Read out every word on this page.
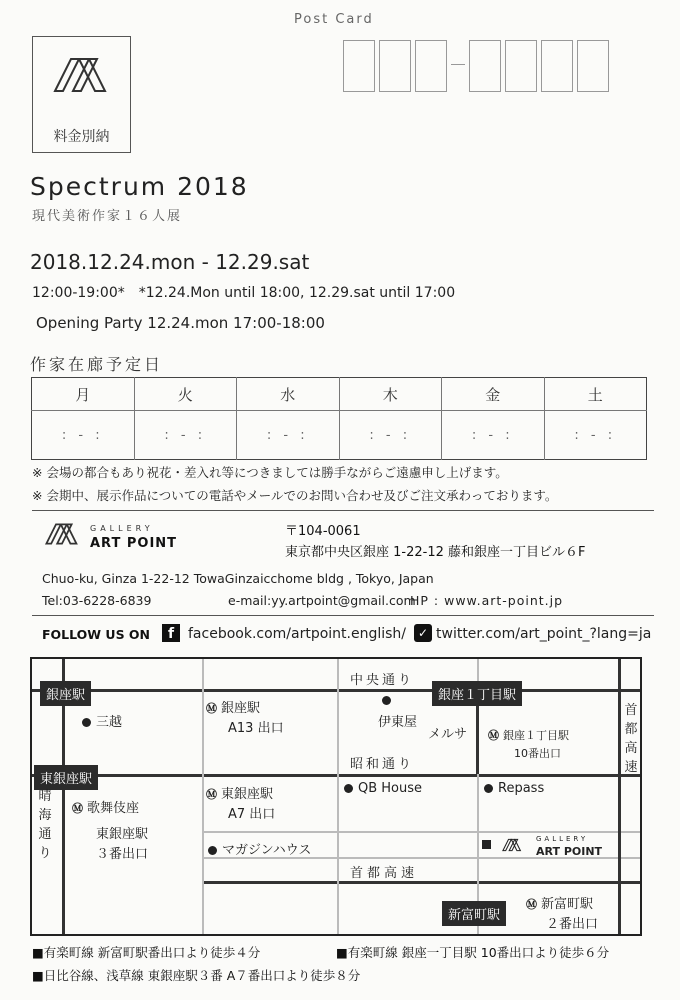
Post Card
料金別納
Spectrum 2018
現代美術作家１６人展
2018.12.24.mon - 12.29.sat
12:00-19:00*　*12.24.Mon until 18:00, 12.29.sat until 17:00
Opening Party 12.24.mon 17:00-18:00
作家在廊予定日
月	火	水	木	金	土
: - :	: - :	: - :	: - :	: - :	: - :
※ 会場の都合もあり祝花・差入れ等につきましては勝手ながらご遠慮申し上げます。
※ 会期中、展示作品についての電話やメールでのお問い合わせ及びご注文承わっております。
GALLERY
ART POINT
〒104-0061
東京都中央区銀座 1-22-12 藤和銀座一丁目ビル６F
Chuo-ku, Ginza 1-22-12 TowaGinzaicchome bldg , Tokyo, Japan
Tel:03-6228-6839	e-mail:yy.artpoint@gmail.com
HP : www.art-point.jp
FOLLOW US ON	f facebook.com/artpoint.english/ ✓ twitter.com/art_point_?lang=ja
銀座駅	銀座１丁目駅
東銀座駅
新富町駅
三越
Ⓜ 銀座駅
A13 出口
中央通り
伊東屋
メルサ Ⓜ 銀座１丁目駅
10番出口
首
都
高
速
昭和通り
晴
海
通
り
Ⓜ 歌舞伎座
Ⓜ 東銀座駅
A7 出口
QB House	Repass
東銀座駅
３番出口	マガジンハウス

GALLERY
ART POINT
首都高速
Ⓜ 新富町駅
２番出口
■有楽町線 新富町駅番出口より徒歩４分	■有楽町線 銀座一丁目駅 10番出口より徒歩６分
■日比谷線、浅草線 東銀座駅３番 A７番出口より徒歩８分
